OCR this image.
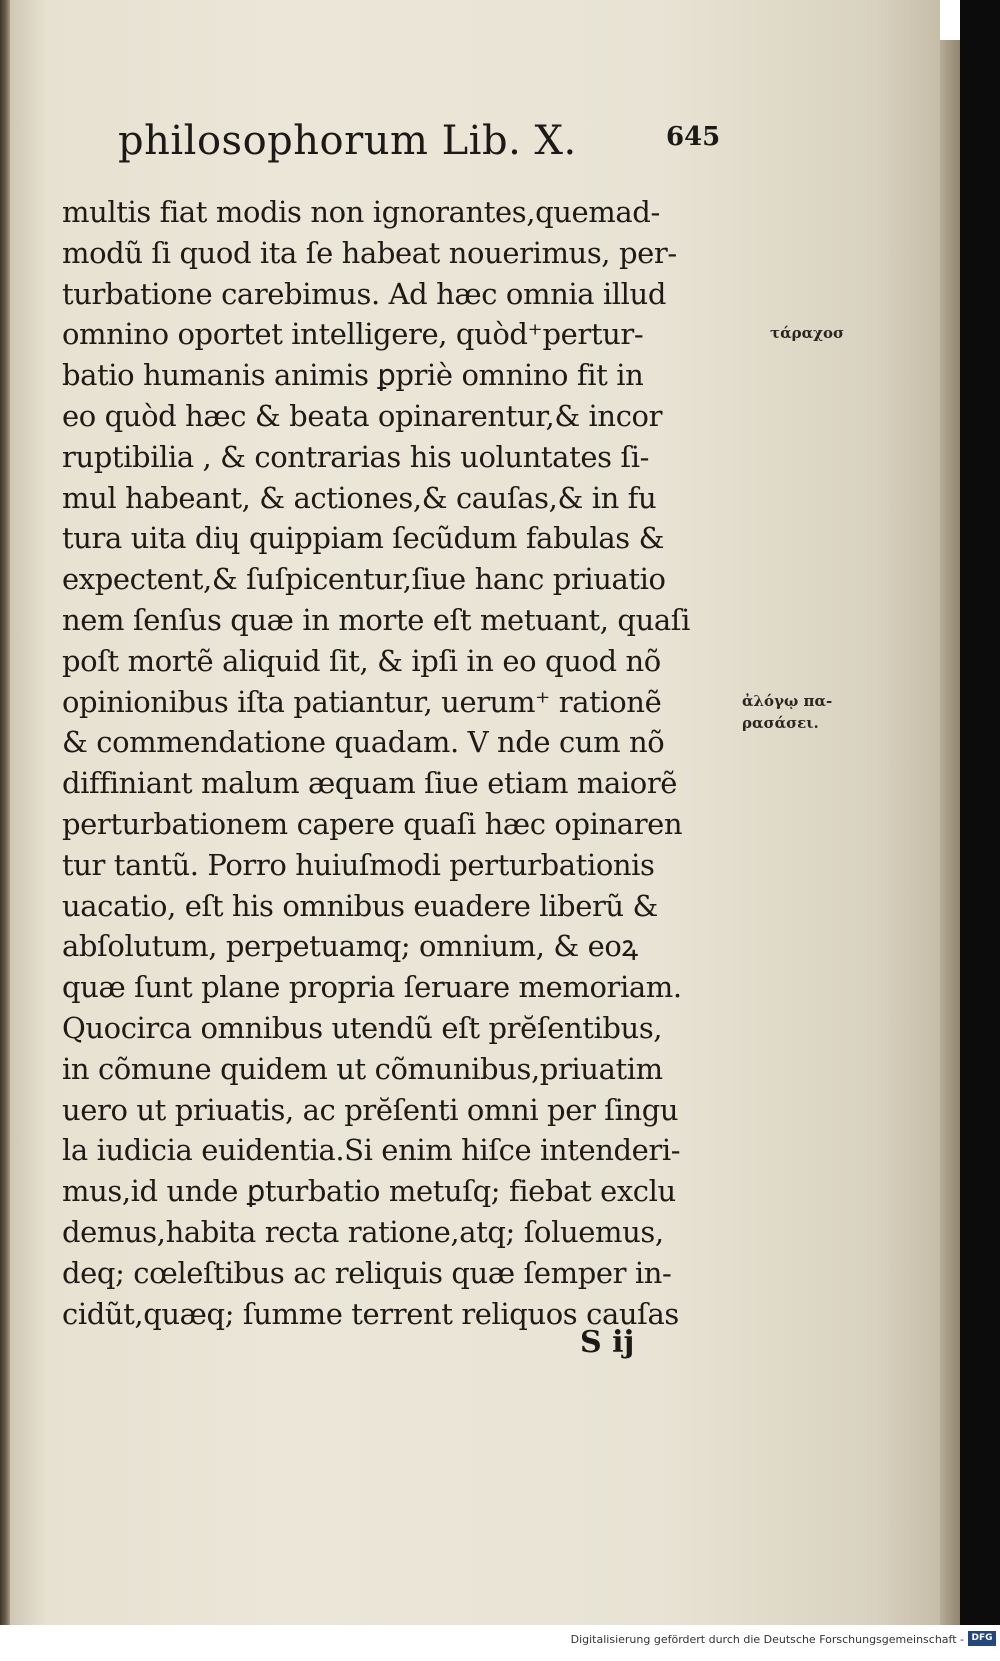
philosophorum Lib. X.	645
multis fiat modis non ignorantes,quemad-
modũ ſi quod ita ſe habeat nouerimus, per-
turbatione carebimus. Ad hæc omnia illud
omnino oportet intelligere, quòd⁺pertur-
batio humanis animis ꝑpriè omnino fit in
eo quòd hæc & beata opinarentur,& incor
ruptibilia , & contrarias his uoluntates ſi-
mul habeant, & actiones,& cauſas,& in fu
tura uita diɥ quippiam ſecũdum fabulas &
expectent,& ſuſpicentur,ſiue hanc priuatio
nem ſenſus quæ in morte eſt metuant, quaſi
poſt mortẽ aliquid ſit, & ipſi in eo quod nõ
opinionibus iſta patiantur, uerum⁺ rationẽ
& commendatione quadam. V nde cum nõ
diffiniant malum æquam ſiue etiam maiorẽ
perturbationem capere quaſi hæc opinaren
tur tantũ. Porro huiuſmodi perturbationis
uacatio, eſt his omnibus euadere liberũ &
abſolutum, perpetuamq; omnium, & eoꝝ
quæ ſunt plane propria ſeruare memoriam.
Quocirca omnibus utendũ eſt prĕſentibus,
in cõmune quidem ut cõmunibus,priuatim
uero ut priuatis, ac prĕſenti omni per ſingu
la iudicia euidentia.Si enim hiſce intenderi-
mus,id unde ꝑturbatio metuſq; fiebat exclu
demus,habita recta ratione,atq; ſoluemus,
deq; cœleſtibus ac reliquis quæ ſemper in-
cidũt,quæq; ſumme terrent reliquos cauſas
τάραχοσ
ἀλόγῳ πα-
ρασάσει.
S ij
Digitalisierung gefördert durch die Deutsche Forschungsgemeinschaft - DFG
